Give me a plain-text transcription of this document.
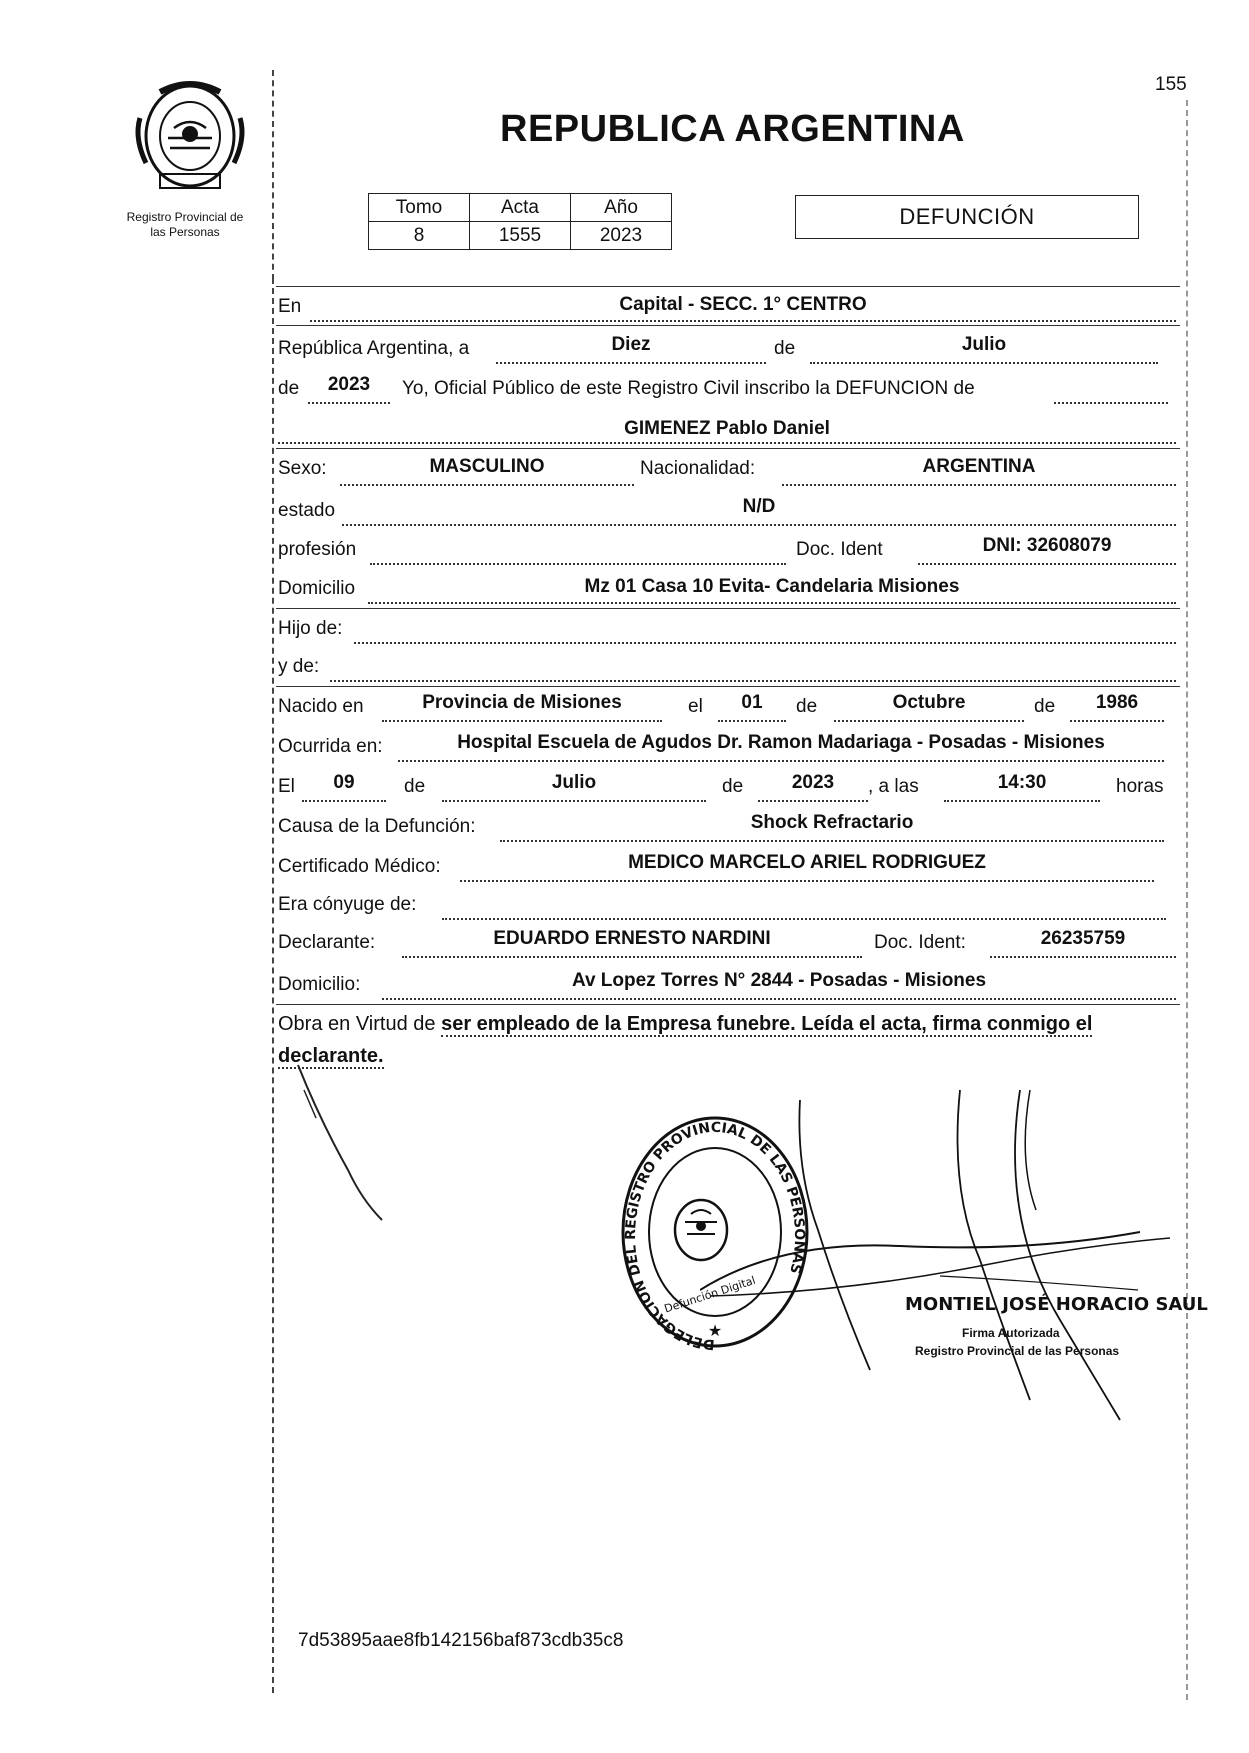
155
Registro Provincial de
las Personas
REPUBLICA ARGENTINA
Tomo	Acta	Año
8	1555	2023
DEFUNCIÓN
En	Capital - SECC. 1° CENTRO
República Argentina, a	Diez	de	Julio
de	2023	Yo, Oficial Público de este Registro Civil inscribo la DEFUNCION de
GIMENEZ Pablo Daniel
Sexo:	MASCULINO	Nacionalidad:	ARGENTINA
estado	N/D
profesión	Doc. Ident	DNI: 32608079
Domicilio	Mz 01 Casa 10 Evita- Candelaria Misiones
Hijo de:
y de:
Nacido en	Provincia de Misiones	el	01	de	Octubre	de	1986
Ocurrida en:	Hospital Escuela de Agudos Dr. Ramon Madariaga - Posadas - Misiones
El	09	de	Julio	de	2023	, a las	14:30	horas
Causa de la Defunción:	Shock Refractario
Certificado Médico:	MEDICO MARCELO ARIEL RODRIGUEZ
Era cónyuge de:
Declarante:	EDUARDO ERNESTO NARDINI	Doc. Ident:	26235759
Domicilio:	Av Lopez Torres N° 2844 - Posadas - Misiones
Obra en Virtud de ser empleado de la Empresa funebre. Leída el acta, firma conmigo el declarante.
DELEGACION DEL REGISTRO PROVINCIAL DE LAS PERSONAS
Defunción Digital
★
MONTIEL JOSÉ HORACIO SAUL
Firma Autorizada
Registro Provincial de las Personas
7d53895aae8fb142156baf873cdb35c8
